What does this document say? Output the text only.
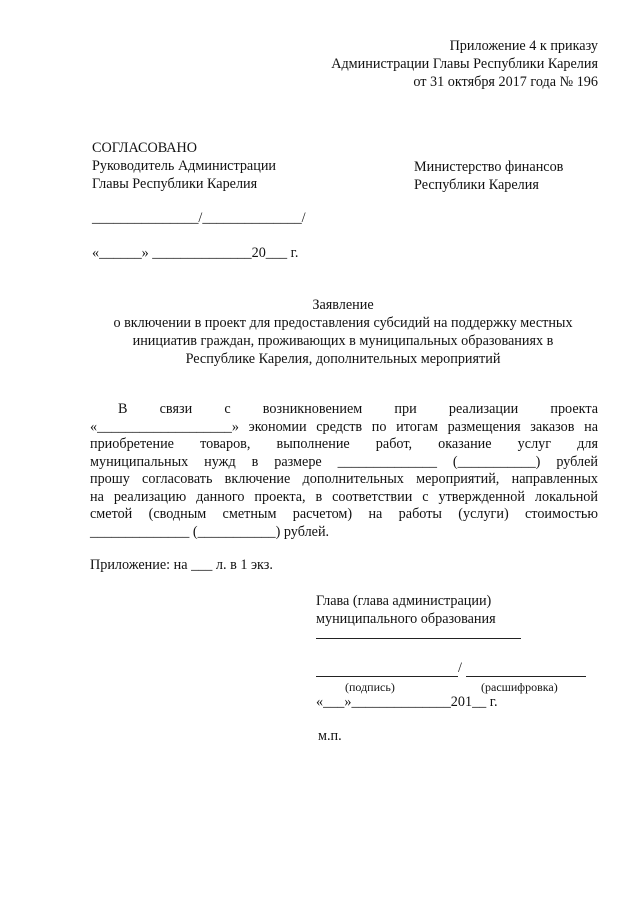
Приложение 4 к приказу
Администрации Главы Республики Карелия
от 31 октября 2017 года № 196
СОГЛАСОВАНО
Руководитель Администрации
Главы Республики Карелия
Министерство финансов
Республики Карелия
_______________/______________/
«______» ______________20___ г.
Заявление
о включении в проект для предоставления субсидий на поддержку местных
инициатив граждан, проживающих в муниципальных образованиях в
Республике Карелия, дополнительных мероприятий
В связи с возникновением при реализации проекта
«___________________» экономии средств по итогам размещения заказов на
приобретение товаров, выполнение работ, оказание услуг для
муниципальных нужд в размере ______________ (___________) рублей
прошу согласовать включение дополнительных мероприятий, направленных
на реализацию данного проекта, в соответствии с утвержденной локальной
сметой (сводным сметным расчетом) на работы (услуги) стоимостью
______________ (___________) рублей.
Приложение: на ___ л. в 1 экз.
Глава (глава администрации)
муниципального образования
/
(подпись)	(расшифровка)
«___»______________201__ г.
м.п.
